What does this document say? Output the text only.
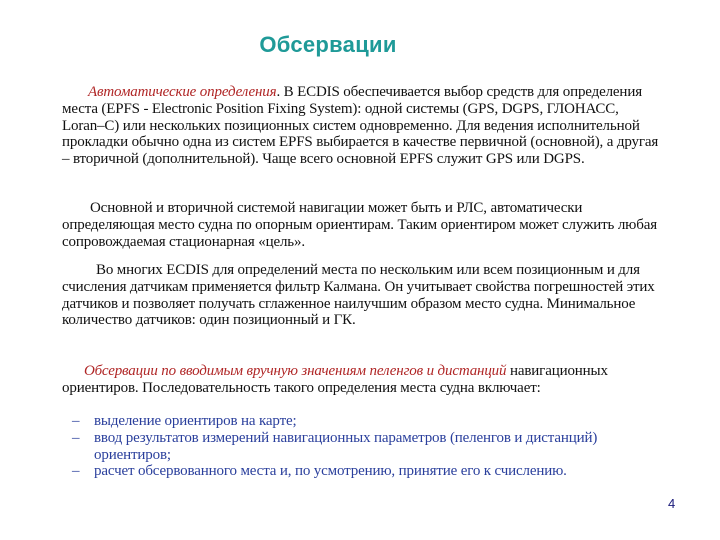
Обсервации
Автоматические определения. В ECDIS обеспечивается выбор средств для определения места (EPFS - Electronic Position Fixing System): одной системы (GPS, DGPS, ГЛОНАСС, Loran–C) или нескольких позиционных систем одновременно. Для ведения исполнительной прокладки обычно одна из систем EPFS выбирается в качестве первичной (основной), а другая – вторичной (дополнительной). Чаще всего основной EPFS служит GPS или DGPS.
Основной и вторичной системой навигации может быть и РЛС, автоматически определяющая место судна по опорным ориентирам. Таким ориентиром может служить любая сопровождаемая стационарная «цель».
Во многих ECDIS для определений места по нескольким или всем позиционным и для счисления датчикам применяется фильтр Калмана. Он учитывает свойства погрешностей этих датчиков и позволяет получать сглаженное наилучшим образом место судна. Минимальное количество датчиков: один позиционный и ГК.
Обсервации по вводимым вручную значениям пеленгов и дистанций навигационных ориентиров. Последовательность такого определения места судна включает:
– выделение ориентиров на карте;
– ввод результатов измерений навигационных параметров (пеленгов и дистанций) ориентиров;
– расчет обсервованного места и, по усмотрению, принятие его к счислению.
4
